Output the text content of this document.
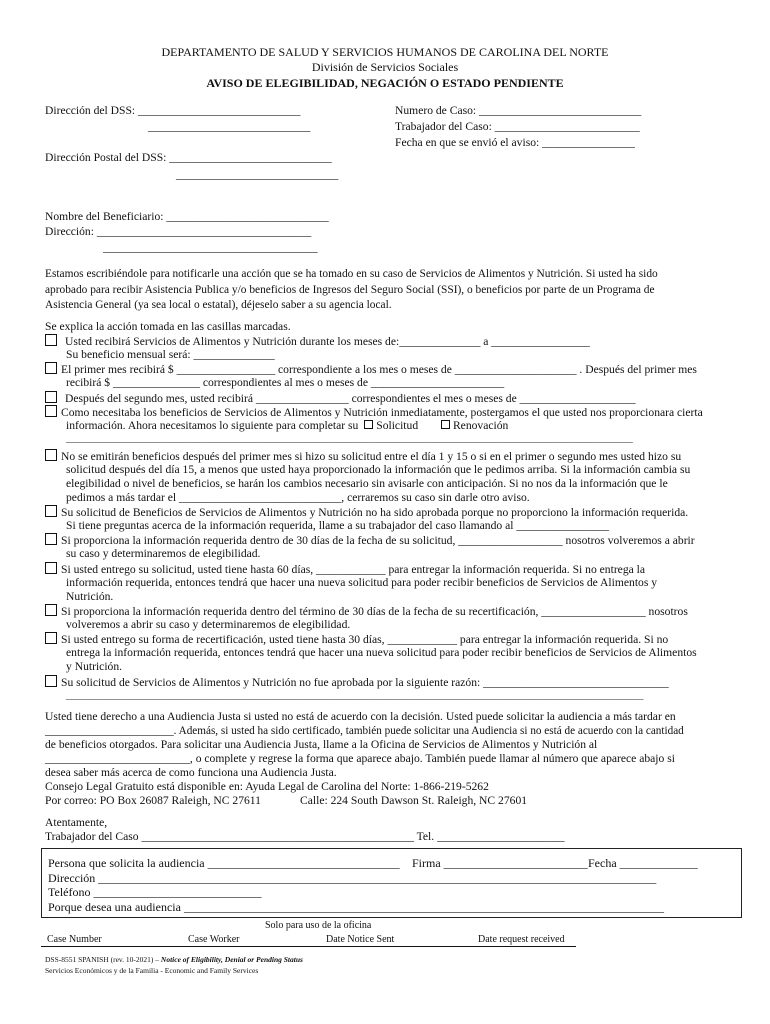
DEPARTAMENTO DE SALUD Y SERVICIOS HUMANOS DE CAROLINA DEL NORTE
División de Servicios Sociales
AVISO DE ELEGIBILIDAD, NEGACIÓN O ESTADO PENDIENTE
Dirección del DSS: ____________________________
____________________________
Numero de Caso: ____________________________
Trabajador del Caso: _________________________
Fecha en que se envió el aviso: ________________
Dirección Postal del DSS: ____________________________
____________________________
Nombre del Beneficiario: ____________________________
Dirección: _____________________________________
_____________________________________
Estamos escribiéndole para notificarle una acción que se ha tomado en su caso de Servicios de Alimentos y Nutrición. Si usted ha sido
aprobado para recibir Asistencia Publica y/o beneficios de Ingresos del Seguro Social (SSI), o beneficios por parte de un Programa de
Asistencia General (ya sea local o estatal), déjeselo saber a su agencia local.
Se explica la acción tomada en las casillas marcadas.
Usted recibirá Servicios de Alimentos y Nutrición durante los meses de:______________ a _________________
Su beneficio mensual será: ______________
El primer mes recibirá $ _________________ correspondiente a los mes o meses de _____________________ . Después del primer mes
recibirá $ _______________ correspondientes al mes o meses de _______________________
Después del segundo mes, usted recibirá ________________ correspondientes el mes o meses de ____________________
Como necesitaba los beneficios de Servicios de Alimentos y Nutrición inmediatamente, postergamos el que usted nos proporcionara cierta
información. Ahora necesitamos lo siguiente para completar su Solicitud	Renovación
___________________________________________________________________________________________________________
No se emitirán beneficios después del primer mes si hizo su solicitud entre el día 1 y 15 o si en el primer o segundo mes usted hizo su
solicitud después del día 15, a menos que usted haya proporcionado la información que le pedimos arriba. Si la información cambia su
elegibilidad o nivel de beneficios, se harán los cambios necesario sin avisarle con anticipación. Si no nos da la información que le
pedimos a más tardar el ____________________________, cerraremos su caso sin darle otro aviso.
Su solicitud de Beneficios de Servicios de Alimentos y Nutrición no ha sido aprobada porque no proporciono la información requerida.
Si tiene preguntas acerca de la información requerida, llame a su trabajador del caso llamando al ________________
Si proporciona la información requerida dentro de 30 días de la fecha de su solicitud, __________________ nosotros volveremos a abrir
su caso y determinaremos de elegibilidad.
Si usted entrego su solicitud, usted tiene hasta 60 días, ____________ para entregar la información requerida. Si no entrega la
información requerida, entonces tendrá que hacer una nueva solicitud para poder recibir beneficios de Servicios de Alimentos y
Nutrición.
Si proporciona la información requerida dentro del término de 30 días de la fecha de su recertificación, __________________ nosotros
volveremos a abrir su caso y determinaremos de elegibilidad.
Si usted entrego su forma de recertificación, usted tiene hasta 30 días, ____________ para entregar la información requerida. Si no
entrega la información requerida, entonces tendrá que hacer una nueva solicitud para poder recibir beneficios de Servicios de Alimentos
y Nutrición.
Su solicitud de Servicios de Alimentos y Nutrición no fue aprobada por la siguiente razón: ________________________________
_____________________________________________________________________________________________________________
Usted tiene derecho a una Audiencia Justa si usted no está de acuerdo con la decisión. Usted puede solicitar la audiencia a más tardar en
_______________________. Además, si usted ha sido certificado, también puede solicitar una Audiencia si no está de acuerdo con la cantidad
de beneficios otorgados. Para solicitar una Audiencia Justa, llame a la Oficina de Servicios de Alimentos y Nutrición al
_________________________, o complete y regrese la forma que aparece abajo. También puede llamar al número que aparece abajo si
desea saber más acerca de como funciona una Audiencia Justa.
Consejo Legal Gratuito está disponible en: Ayuda Legal de Carolina del Norte: 1-866-219-5262
Por correo: PO Box 26087 Raleigh, NC 27611	Calle: 224 South Dawson St. Raleigh, NC 27601
Atentamente,
Trabajador del Caso _______________________________________________ Tel. ______________________
Persona que solicita la audiencia ________________________________ Firma ________________________ Fecha _____________
Dirección _____________________________________________________________________________________________
Teléfono ____________________________
Porque desea una audiencia ________________________________________________________________________________
Solo para uso de la oficina
Case Number	Case Worker	Date Notice Sent	Date request received
DSS-8551 SPANISH (rev. 10-2021) – Notice of Eligibility, Denial or Pending Status
Servicios Económicos y de la Familia - Economic and Family Services
